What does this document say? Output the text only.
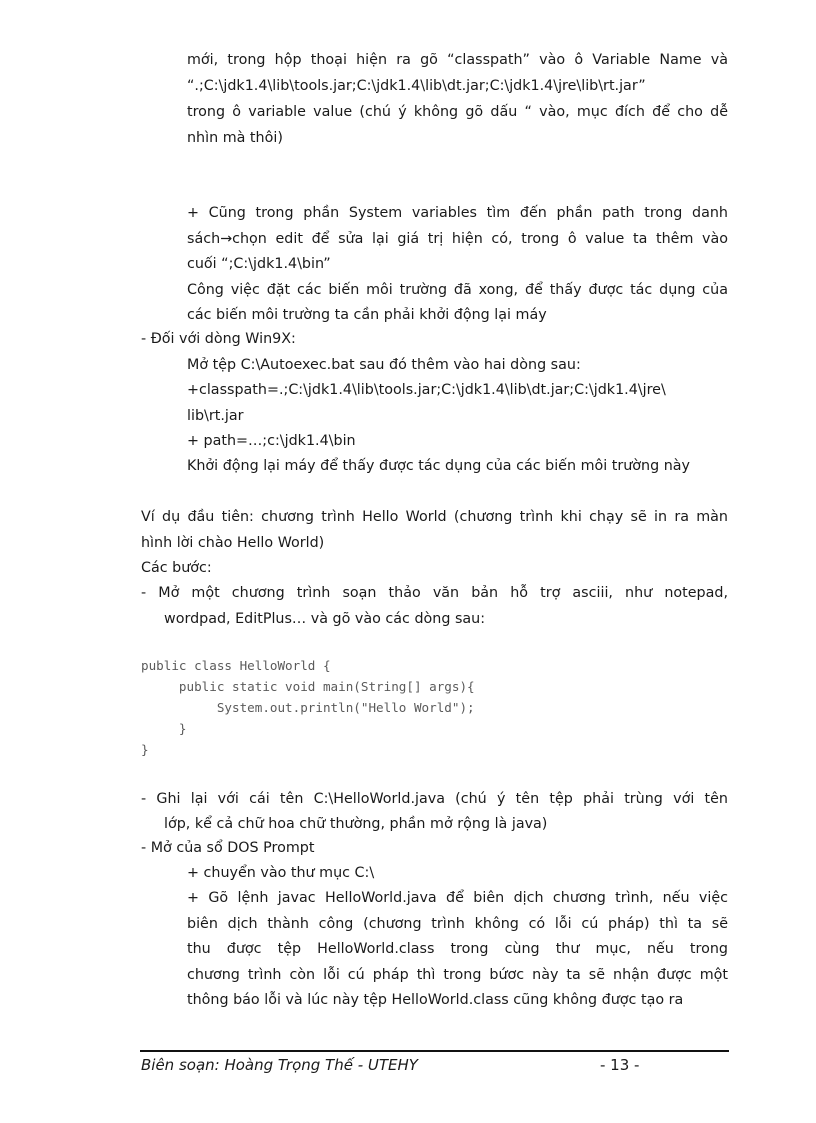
mới, trong hộp thoại hiện ra gõ “classpath” vào ô Variable Name và
“.;C:\jdk1.4\lib\tools.jar;C:\jdk1.4\lib\dt.jar;C:\jdk1.4\jre\lib\rt.jar”
trong ô variable value (chú ý không gõ dấu “ vào, mục đích để cho dễ
nhìn mà thôi)
+ Cũng trong phần System variables tìm đến phần path trong danh
sách→chọn edit để sửa lại giá trị hiện có, trong ô value ta thêm vào
cuối “;C:\jdk1.4\bin”
Công việc đặt các biến môi trường đã xong, để thấy được tác dụng của
các biến môi trường ta cần phải khởi động lại máy
- Đối với dòng Win9X:
Mở tệp C:\Autoexec.bat sau đó thêm vào hai dòng sau:
+classpath=.;C:\jdk1.4\lib\tools.jar;C:\jdk1.4\lib\dt.jar;C:\jdk1.4\jre\
lib\rt.jar
+ path=…;c:\jdk1.4\bin
Khởi động lại máy để thấy được tác dụng của các biến môi trường này
Ví dụ đầu tiên: chương trình Hello World (chương trình khi chạy sẽ in ra màn
hình lời chào Hello World)
Các bước:
- Mở một chương trình soạn thảo văn bản hỗ trợ asciii, như notepad,
wordpad, EditPlus… và gõ vào các dòng sau:
public class HelloWorld {
public static void main(String[] args){
System.out.println("Hello World");
}
}
- Ghi lại với cái tên C:\HelloWorld.java (chú ý tên tệp phải trùng với tên
lớp, kể cả chữ hoa chữ thường, phần mở rộng là java)
- Mở của sổ DOS Prompt
+ chuyển vào thư mục C:\
+ Gõ lệnh javac HelloWorld.java để biên dịch chương trình, nếu việc
biên dịch thành công (chương trình không có lỗi cú pháp) thì ta sẽ
thu được tệp HelloWorld.class trong cùng thư mục, nếu trong
chương trình còn lỗi cú pháp thì trong bứơc này ta sẽ nhận được một
thông báo lỗi và lúc này tệp HelloWorld.class cũng không được tạo ra
Biên soạn: Hoàng Trọng Thế - UTEHY	- 13 -
